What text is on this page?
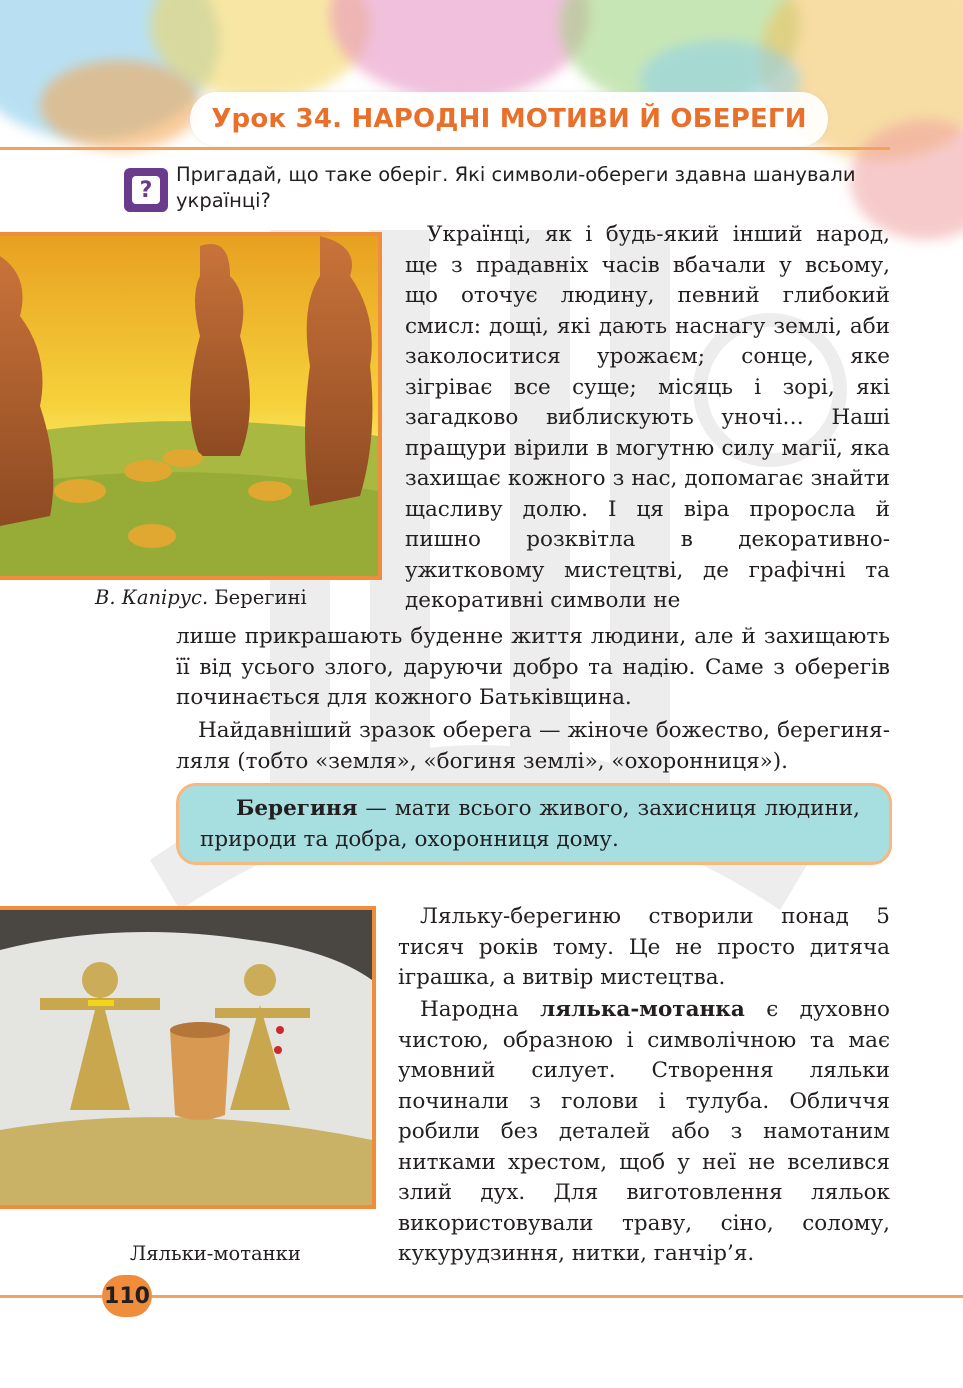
Урок 34. НАРОДНІ МОТИВИ Й ОБЕРЕГИ
?
Пригадай, що таке оберіг. Які символи-обереги здавна шанували українці?
В. Капірус. Берегині
Українці, як і будь-який інший народ, ще з прадавніх часів вбачали у всьому, що оточує людину, певний глибокий смисл: дощі, які дають наснагу землі, аби заколоситися урожаєм; сонце, яке зігріває все суще; місяць і зорі, які загадково виблискують уночі… Наші пращури вірили в могутню силу магії, яка захищає кожного з нас, допомагає знайти щасливу долю. І ця віра проросла й пишно розквітла в декоративно-ужитковому мистецтві, де графічні та декоративні символи не
лише прикрашають буденне життя людини, але й захищають її від усього злого, даруючи добро та надію. Саме з оберегів починається для кожного Батьківщина.
Найдавніший зразок оберега — жіноче божество, берегиня-ляля (тобто «земля», «богиня землі», «охоронниця»).
Берегиня — мати всього живого, захисниця людини, природи та добра, охоронниця дому.
Ляльки-мотанки
Ляльку-берегиню створили понад 5 тисяч років тому. Це не просто дитяча іграшка, а витвір мистецтва.
Народна лялька-мотанка є духовно чистою, образною і символічною та має умовний силует. Створення ляльки починали з голови і тулуба. Обличчя робили без деталей або з намотаним нитками хрестом, щоб у неї не вселився злий дух. Для виготовлення ляльок використовували траву, сіно, солому, кукурудзиння, нитки, ганчір’я.
110
